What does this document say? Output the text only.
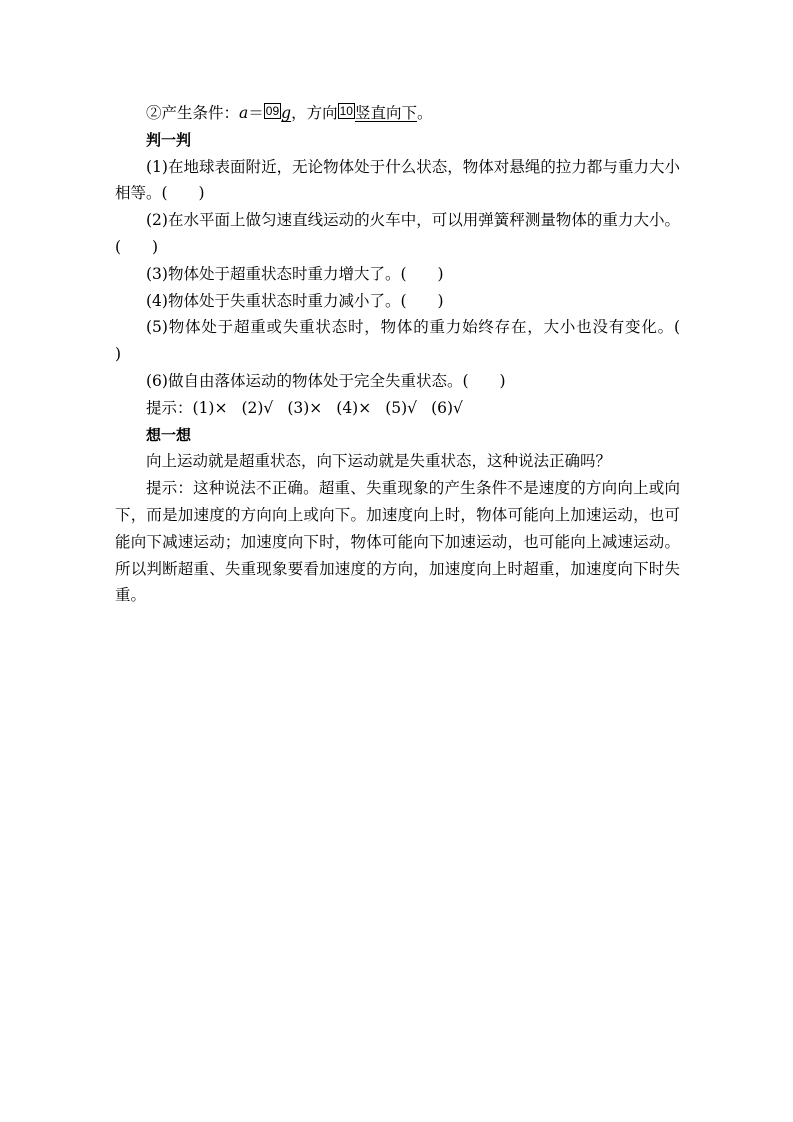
②产生条件：a＝ 09 g，方向 10 竖直向下。

判一判

(1)在地球表面附近，无论物体处于什么状态，物体对悬绳的拉力都与重力大小相等。(　　)

(2)在水平面上做匀速直线运动的火车中，可以用弹簧秤测量物体的重力大小。(　　)

(3)物体处于超重状态时重力增大了。(　　)

(4)物体处于失重状态时重力减小了。(　　)

(5)物体处于超重或失重状态时，物体的重力始终存在，大小也没有变化。(　　)

(6)做自由落体运动的物体处于完全失重状态。(　　)

提示：(1)× (2)√ (3)× (4)× (5)√ (6)√

想一想

向上运动就是超重状态，向下运动就是失重状态，这种说法正确吗？

提示：这种说法不正确。超重、失重现象的产生条件不是速度的方向向上或向下，而是加速度的方向向上或向下。加速度向上时，物体可能向上加速运动，也可能向下减速运动；加速度向下时，物体可能向下加速运动，也可能向上减速运动。所以判断超重、失重现象要看加速度的方向，加速度向上时超重，加速度向下时失重。
